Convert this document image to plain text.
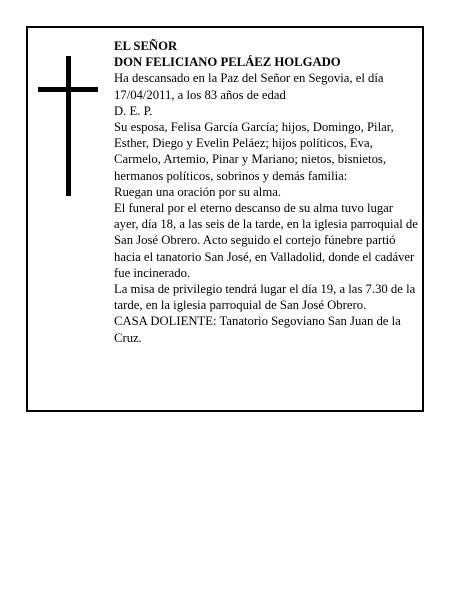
EL SEÑOR

DON FELICIANO PELÁEZ HOLGADO

Ha descansado en la Paz del Señor en Segovia, el día 17/04/2011, a los 83 años de edad

D. E. P.

Su esposa, Felisa García García; hijos, Domingo, Pilar, Esther, Diego y Evelin Peláez; hijos políticos, Eva, Carmelo, Artemio, Pinar y Mariano; nietos, bisnietos, hermanos políticos, sobrinos y demás familia:

Ruegan una oración por su alma.

El funeral por el eterno descanso de su alma tuvo lugar ayer, día 18, a las seis de la tarde, en la iglesia parroquial de San José Obrero. Acto seguido el cortejo fúnebre partió hacia el tanatorio San José, en Valladolid, donde el cadáver fue incinerado.

La misa de privilegio tendrá lugar el día 19, a las 7.30 de la tarde, en la iglesia parroquial de San José Obrero.

CASA DOLIENTE: Tanatorio Segoviano San Juan de la Cruz.
